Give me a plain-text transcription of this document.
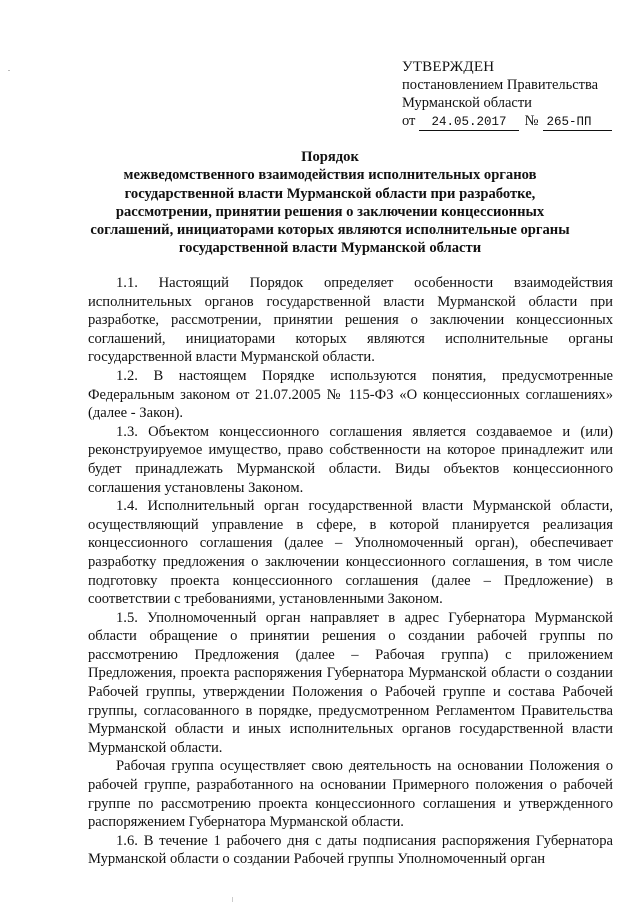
УТВЕРЖДЕН
постановлением Правительства
Мурманской области
от	24.05.2017	№ 265-ПП
Порядок
межведомственного взаимодействия исполнительных органов
государственной власти Мурманской области при разработке,
рассмотрении, принятии решения о заключении концессионных
соглашений, инициаторами которых являются исполнительные органы
государственной власти Мурманской области

1.1. Настоящий Порядок определяет особенности взаимодействия исполнительных органов государственной власти Мурманской области при разработке, рассмотрении, принятии решения о заключении концессионных соглашений, инициаторами которых являются исполнительные органы государственной власти Мурманской области.

1.2. В настоящем Порядке используются понятия, предусмотренные Федеральным законом от 21.07.2005 № 115-ФЗ «О концессионных соглашениях» (далее - Закон).

1.3. Объектом концессионного соглашения является создаваемое и (или) реконструируемое имущество, право собственности на которое принадлежит или будет принадлежать Мурманской области. Виды объектов концессионного соглашения установлены Законом.

1.4. Исполнительный орган государственной власти Мурманской области, осуществляющий управление в сфере, в которой планируется реализация концессионного соглашения (далее – Уполномоченный орган), обеспечивает разработку предложения о заключении концессионного соглашения, в том числе подготовку проекта концессионного соглашения (далее – Предложение) в соответствии с требованиями, установленными Законом.

1.5. Уполномоченный орган направляет в адрес Губернатора Мурманской области обращение о принятии решения о создании рабочей группы по рассмотрению Предложения (далее – Рабочая группа) с приложением Предложения, проекта распоряжения Губернатора Мурманской области о создании Рабочей группы, утверждении Положения о Рабочей группе и состава Рабочей группы, согласованного в порядке, предусмотренном Регламентом Правительства Мурманской области и иных исполнительных органов государственной власти Мурманской области.

Рабочая группа осуществляет свою деятельность на основании Положения о рабочей группе, разработанного на основании Примерного положения о рабочей группе по рассмотрению проекта концессионного соглашения и утвержденного распоряжением Губернатора Мурманской области.

1.6. В течение 1 рабочего дня с даты подписания распоряжения Губернатора Мурманской области о создании Рабочей группы Уполномоченный орган
